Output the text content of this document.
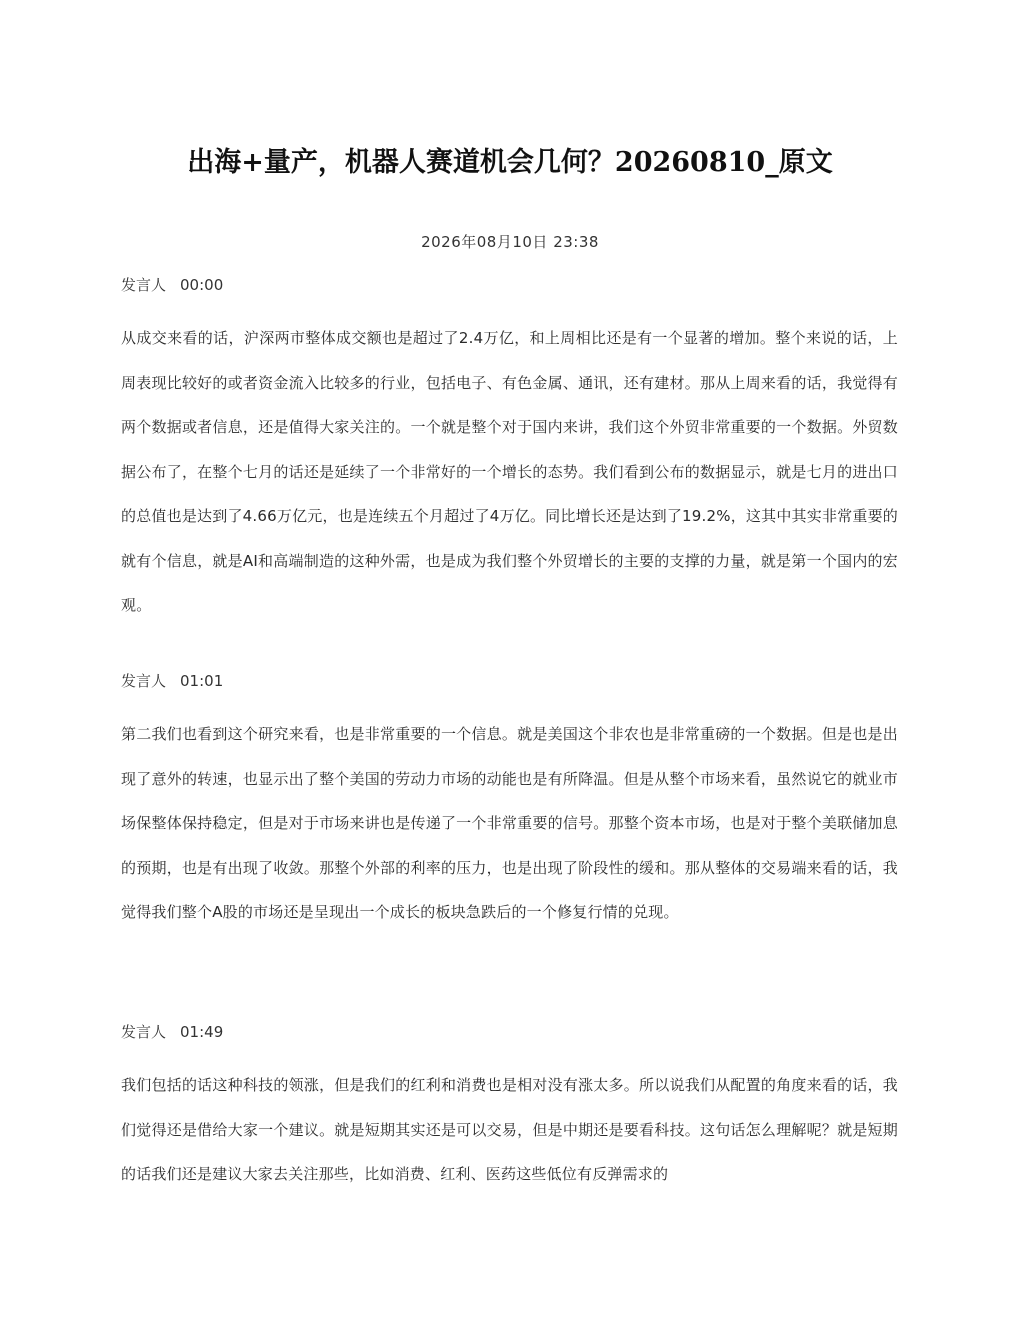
出海+量产，机器人赛道机会几何？20260810_原文
2026年08月10日 23:38

发言人 00:00

从成交来看的话，沪深两市整体成交额也是超过了2.4万亿，和上周相比还是有一个显著的增加。整个来说的话，上周表现比较好的或者资金流入比较多的行业，包括电子、有色金属、通讯，还有建材。那从上周来看的话，我觉得有两个数据或者信息，还是值得大家关注的。一个就是整个对于国内来讲，我们这个外贸非常重要的一个数据。外贸数据公布了，在整个七月的话还是延续了一个非常好的一个增长的态势。我们看到公布的数据显示，就是七月的进出口的总值也是达到了4.66万亿元，也是连续五个月超过了4万亿。同比增长还是达到了19.2%，这其中其实非常重要的就有个信息，就是AI和高端制造的这种外需，也是成为我们整个外贸增长的主要的支撑的力量，就是第一个国内的宏观。

发言人 01:01

第二我们也看到这个研究来看，也是非常重要的一个信息。就是美国这个非农也是非常重磅的一个数据。但是也是出现了意外的转速，也显示出了整个美国的劳动力市场的动能也是有所降温。但是从整个市场来看，虽然说它的就业市场保整体保持稳定，但是对于市场来讲也是传递了一个非常重要的信号。那整个资本市场，也是对于整个美联储加息的预期，也是有出现了收敛。那整个外部的利率的压力，也是出现了阶段性的缓和。那从整体的交易端来看的话，我觉得我们整个A股的市场还是呈现出一个成长的板块急跌后的一个修复行情的兑现。

发言人 01:49

我们包括的话这种科技的领涨，但是我们的红利和消费也是相对没有涨太多。所以说我们从配置的角度来看的话，我们觉得还是借给大家一个建议。就是短期其实还是可以交易，但是中期还是要看科技。这句话怎么理解呢？就是短期的话我们还是建议大家去关注那些，比如消费、红利、医药这些低位有反弹需求的
